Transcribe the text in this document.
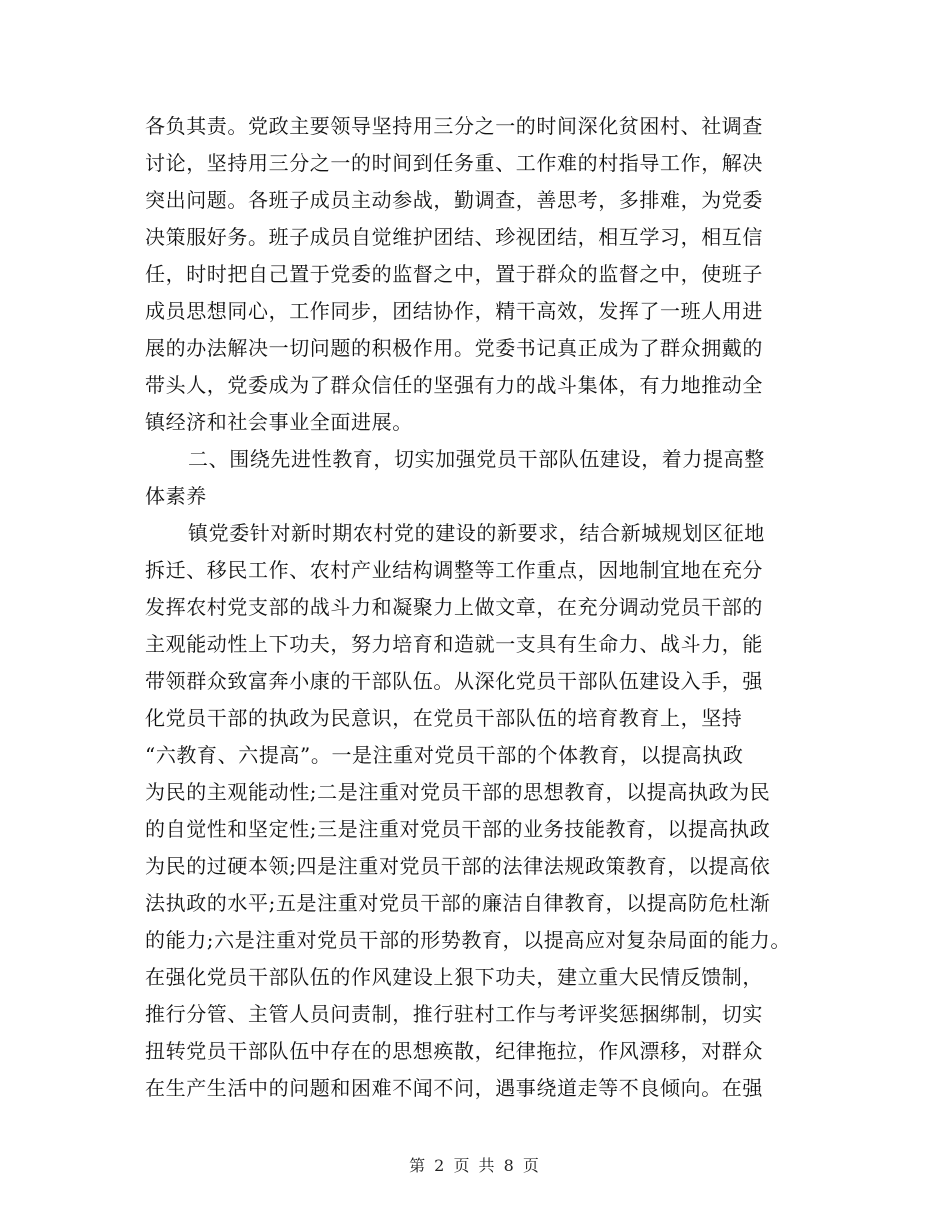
各负其责。党政主要领导坚持用三分之一的时间深化贫困村、社调查
讨论，坚持用三分之一的时间到任务重、工作难的村指导工作，解决
突出问题。各班子成员主动参战，勤调查，善思考，多排难，为党委
决策服好务。班子成员自觉维护团结、珍视团结，相互学习，相互信
任，时时把自己置于党委的监督之中，置于群众的监督之中，使班子
成员思想同心，工作同步，团结协作，精干高效，发挥了一班人用进
展的办法解决一切问题的积极作用。党委书记真正成为了群众拥戴的
带头人，党委成为了群众信任的坚强有力的战斗集体，有力地推动全
镇经济和社会事业全面进展。
二、围绕先进性教育，切实加强党员干部队伍建设，着力提高整
体素养
镇党委针对新时期农村党的建设的新要求，结合新城规划区征地
拆迁、移民工作、农村产业结构调整等工作重点，因地制宜地在充分
发挥农村党支部的战斗力和凝聚力上做文章，在充分调动党员干部的
主观能动性上下功夫，努力培育和造就一支具有生命力、战斗力，能
带领群众致富奔小康的干部队伍。从深化党员干部队伍建设入手，强
化党员干部的执政为民意识，在党员干部队伍的培育教育上，坚持
“六教育、六提高”。一是注重对党员干部的个体教育，以提高执政
为民的主观能动性;二是注重对党员干部的思想教育，以提高执政为民
的自觉性和坚定性;三是注重对党员干部的业务技能教育，以提高执政
为民的过硬本领;四是注重对党员干部的法律法规政策教育，以提高依
法执政的水平;五是注重对党员干部的廉洁自律教育，以提高防危杜渐
的能力;六是注重对党员干部的形势教育，以提高应对复杂局面的能力。
在强化党员干部队伍的作风建设上狠下功夫，建立重大民情反馈制，
推行分管、主管人员问责制，推行驻村工作与考评奖惩捆绑制，切实
扭转党员干部队伍中存在的思想痪散，纪律拖拉，作风漂移，对群众
在生产生活中的问题和困难不闻不问，遇事绕道走等不良倾向。在强
第 2 页 共 8 页
